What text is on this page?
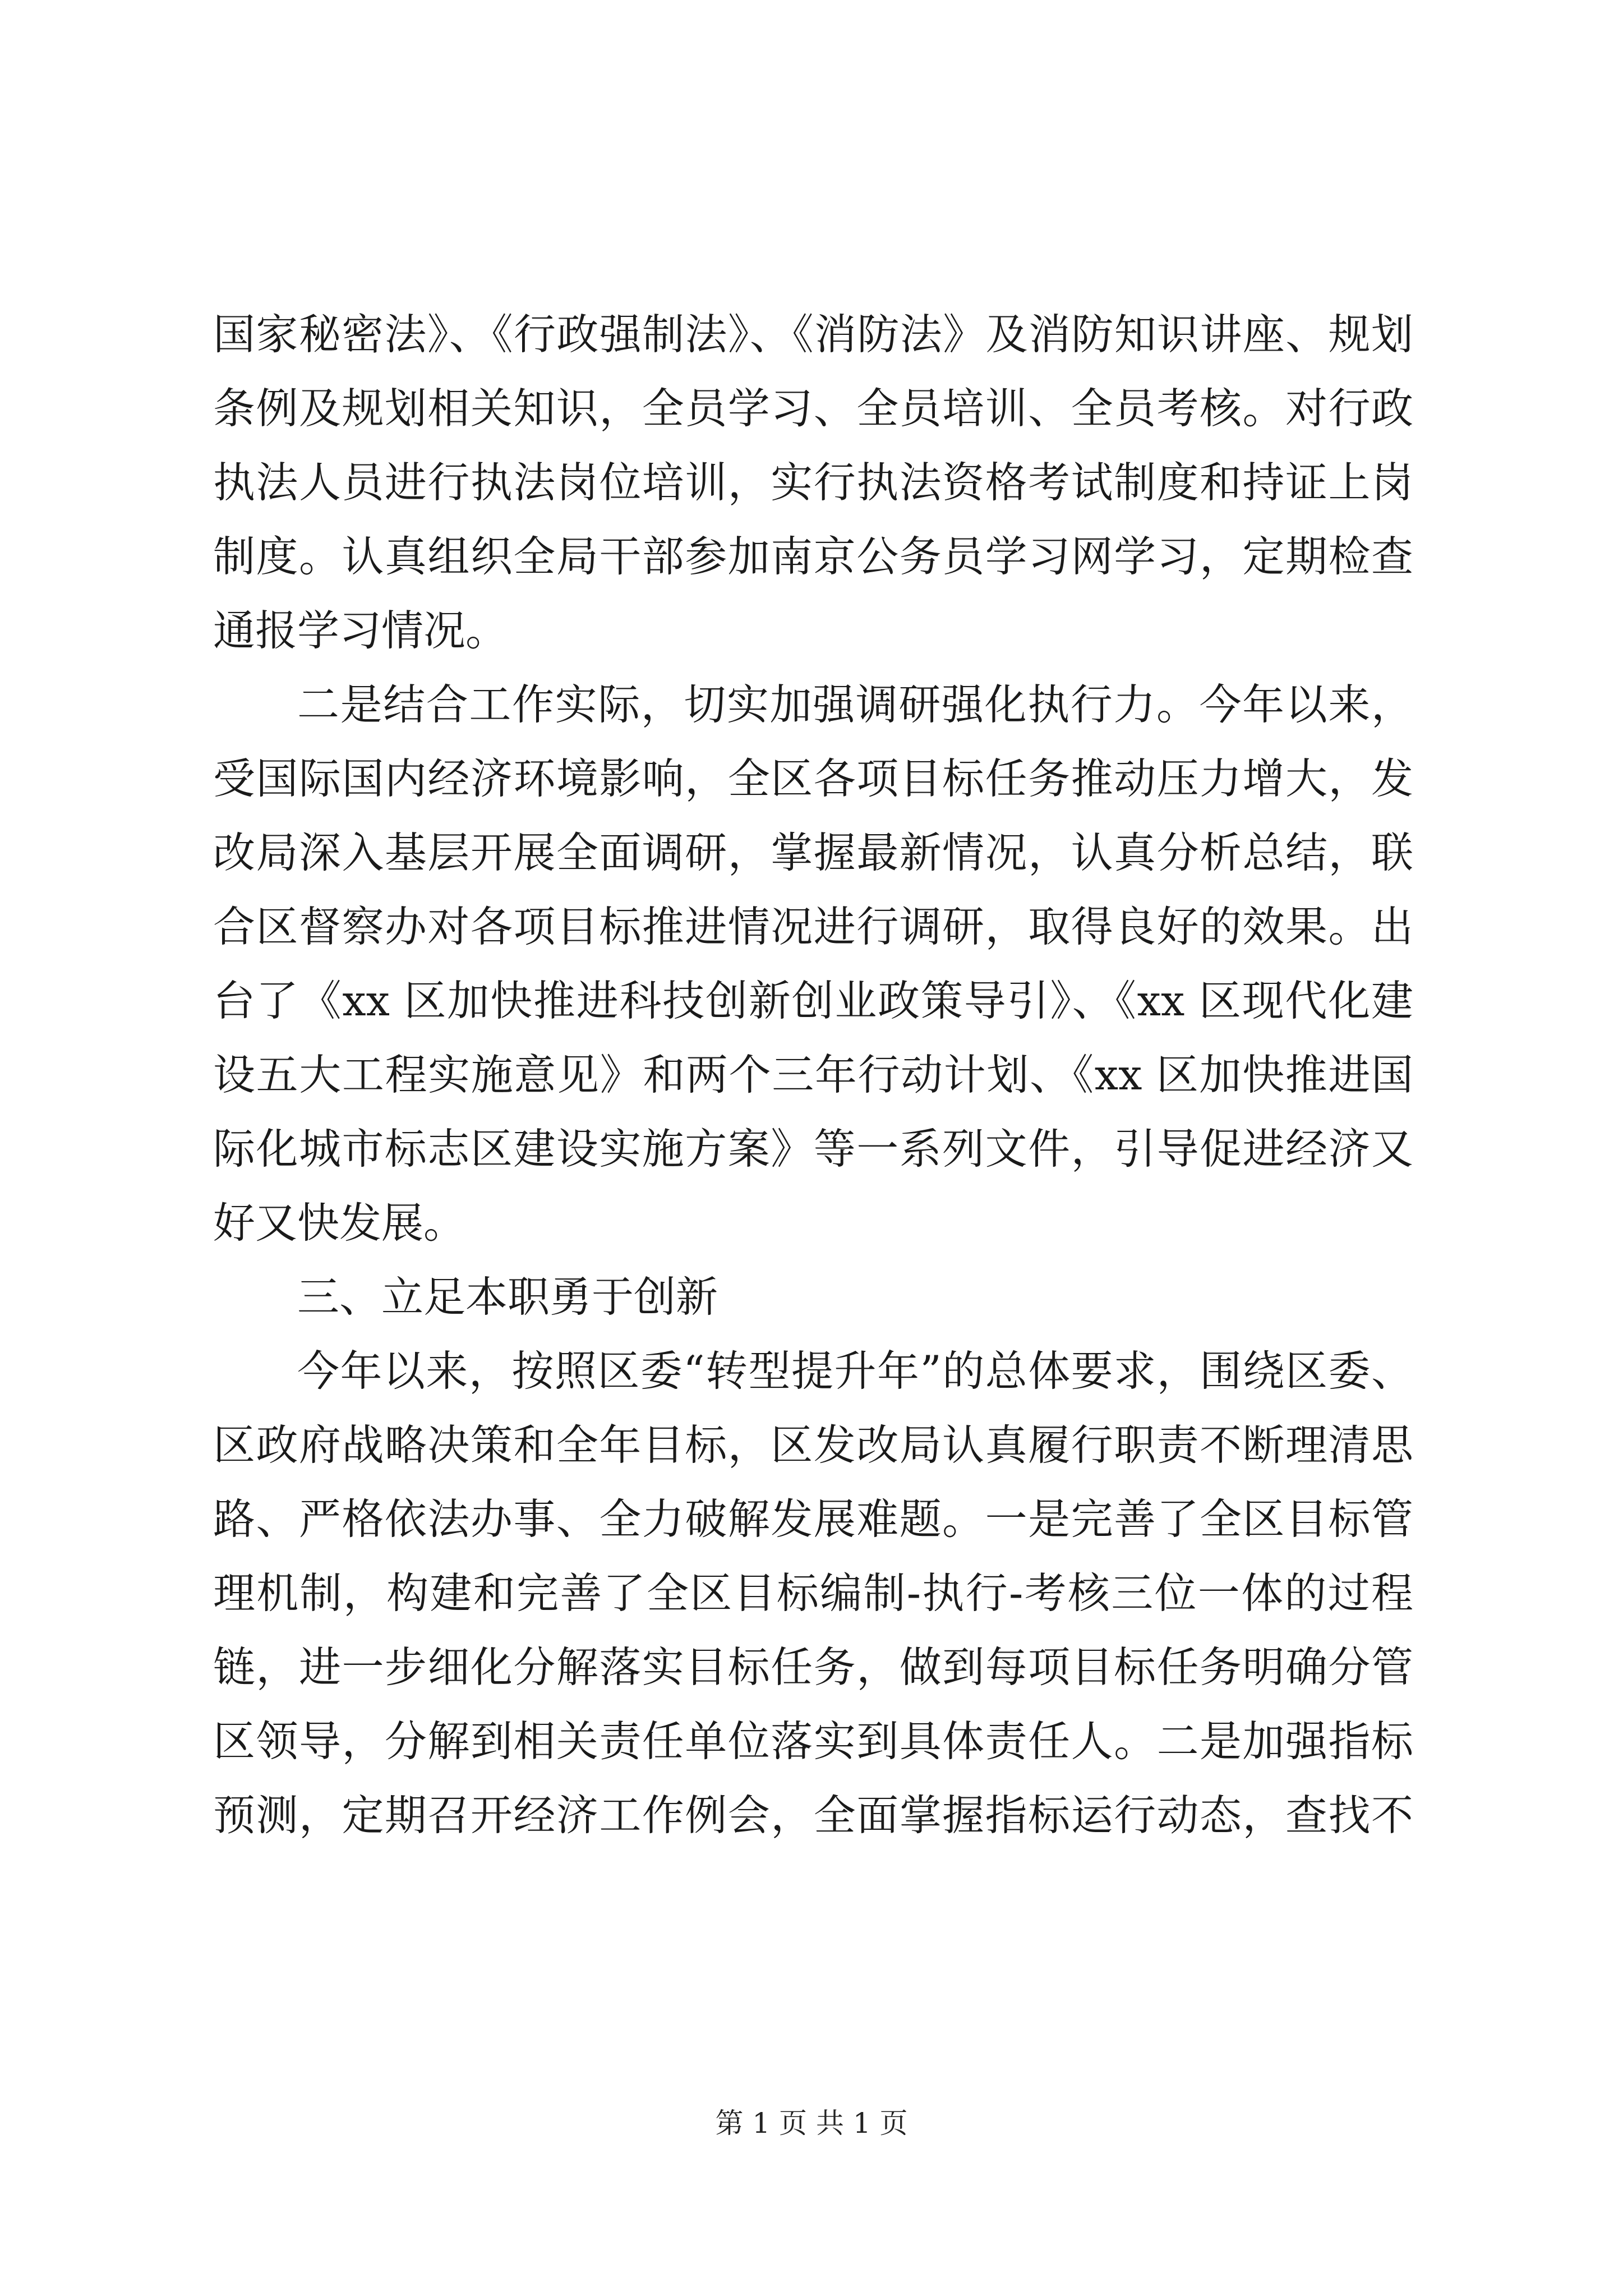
国家秘密法》、《行政强制法》、《消防法》及消防知识讲座、规划
条例及规划相关知识，全员学习、全员培训、全员考核。对行政
执法人员进行执法岗位培训，实行执法资格考试制度和持证上岗
制度。认真组织全局干部参加南京公务员学习网学习，定期检查
通报学习情况。
二是结合工作实际，切实加强调研强化执行力。今年以来，
受国际国内经济环境影响，全区各项目标任务推动压力增大，发
改局深入基层开展全面调研，掌握最新情况，认真分析总结，联
合区督察办对各项目标推进情况进行调研，取得良好的效果。出
台了《xx 区加快推进科技创新创业政策导引》、《xx 区现代化建
设五大工程实施意见》和两个三年行动计划、《xx 区加快推进国
际化城市标志区建设实施方案》等一系列文件，引导促进经济又
好又快发展。
三、立足本职勇于创新
今年以来，按照区委“转型提升年”的总体要求，围绕区委、
区政府战略决策和全年目标，区发改局认真履行职责不断理清思
路、严格依法办事、全力破解发展难题。一是完善了全区目标管
理机制，构建和完善了全区目标编制-执行-考核三位一体的过程
链，进一步细化分解落实目标任务，做到每项目标任务明确分管
区领导，分解到相关责任单位落实到具体责任人。二是加强指标
预测，定期召开经济工作例会，全面掌握指标运行动态，查找不
第 1 页 共 1 页
